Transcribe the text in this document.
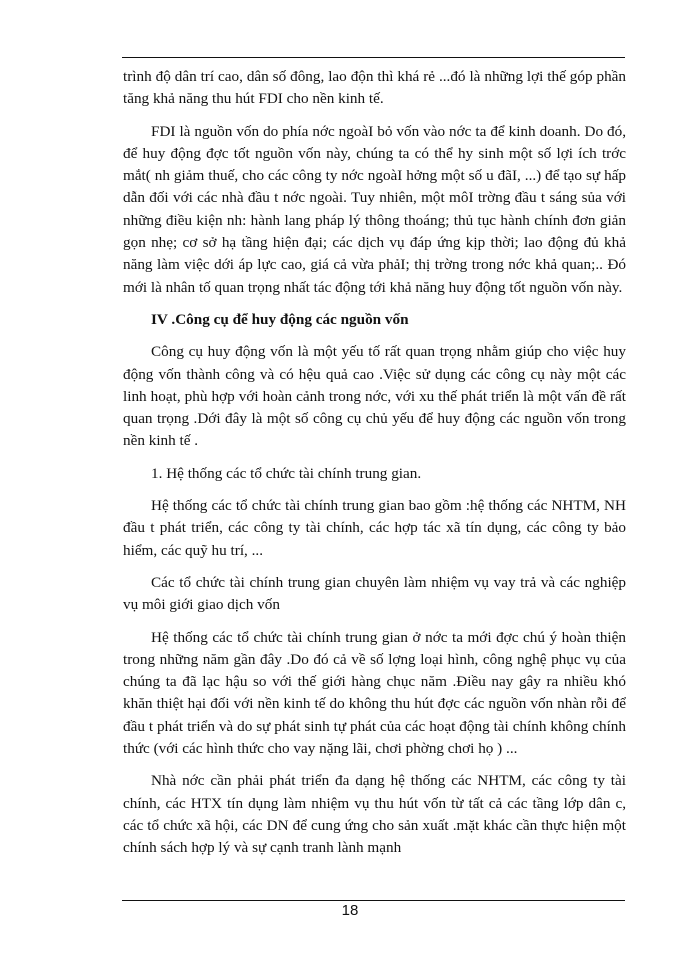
trình độ dân trí cao, dân số đông, lao độn thì khá rẻ ...đó là những lợi thế góp phần tăng khả năng thu hút FDI cho nền kinh tế.

FDI là nguồn vốn do phía nớc ngoàI bỏ vốn vào nớc ta để kinh doanh. Do đó, để huy động đợc tốt nguồn vốn này, chúng ta có thể hy sinh một số lợi ích trớc mắt( nh giảm thuế, cho các công ty nớc ngoàI hởng một số u đãI, ...) để tạo sự hấp dẫn đối với các nhà đầu t nớc ngoài. Tuy nhiên, một môI trờng đầu t sáng sủa với những điều kiện nh: hành lang pháp lý thông thoáng; thủ tục hành chính đơn giản gọn nhẹ; cơ sở hạ tầng hiện đại; các dịch vụ đáp ứng kịp thời; lao động đủ khả năng làm việc dới áp lực cao, giá cả vừa phảI; thị trờng trong nớc khả quan;.. Đó mới là nhân tố quan trọng nhất tác động tới khả năng huy động tốt nguồn vốn này.

IV .Công cụ để huy động các nguồn vốn

Công cụ huy động vốn là một yếu tố rất quan trọng nhằm giúp cho việc huy động vốn thành công và có hệu quả cao .Việc sử dụng các công cụ này một các linh hoạt, phù hợp với hoàn cảnh trong nớc, với xu thế phát triển là một vấn đề rất quan trọng .Dới đây là một số công cụ chủ yếu để huy động các nguồn vốn trong nền kinh tế .

1. Hệ thống các tổ chức tài chính trung gian.

Hệ thống các tổ chức tài chính trung gian bao gồm :hệ thống các NHTM, NH đầu t phát triển, các công ty tài chính, các hợp tác xã tín dụng, các công ty bảo hiểm, các quỹ hu trí, ...

Các tổ chức tài chính trung gian chuyên làm nhiệm vụ vay trả và các nghiệp vụ môi giới giao dịch vốn

Hệ thống các tổ chức tài chính trung gian ở nớc ta mới đợc chú ý hoàn thiện trong những năm gần đây .Do đó cả về số lợng loại hình, công nghệ phục vụ của chúng ta đã lạc hậu so với thế giới hàng chục năm .Điều nay gây ra nhiều khó khăn thiệt hại đối với nền kinh tế do không thu hút đợc các nguồn vốn nhàn rỗi để đầu t phát triển và do sự phát sinh tự phát của các hoạt động tài chính không chính thức (với các hình thức cho vay nặng lãi, chơi phờng chơi họ ) ...

Nhà nớc cần phải phát triển đa dạng hệ thống các NHTM, các công ty tài chính, các HTX tín dụng làm nhiệm vụ thu hút vốn từ tất cả các tầng lớp dân c, các tổ chức xã hội, các DN để cung ứng cho sản xuất .mặt khác cần thực hiện một chính sách hợp lý và sự cạnh tranh lành mạnh

18
